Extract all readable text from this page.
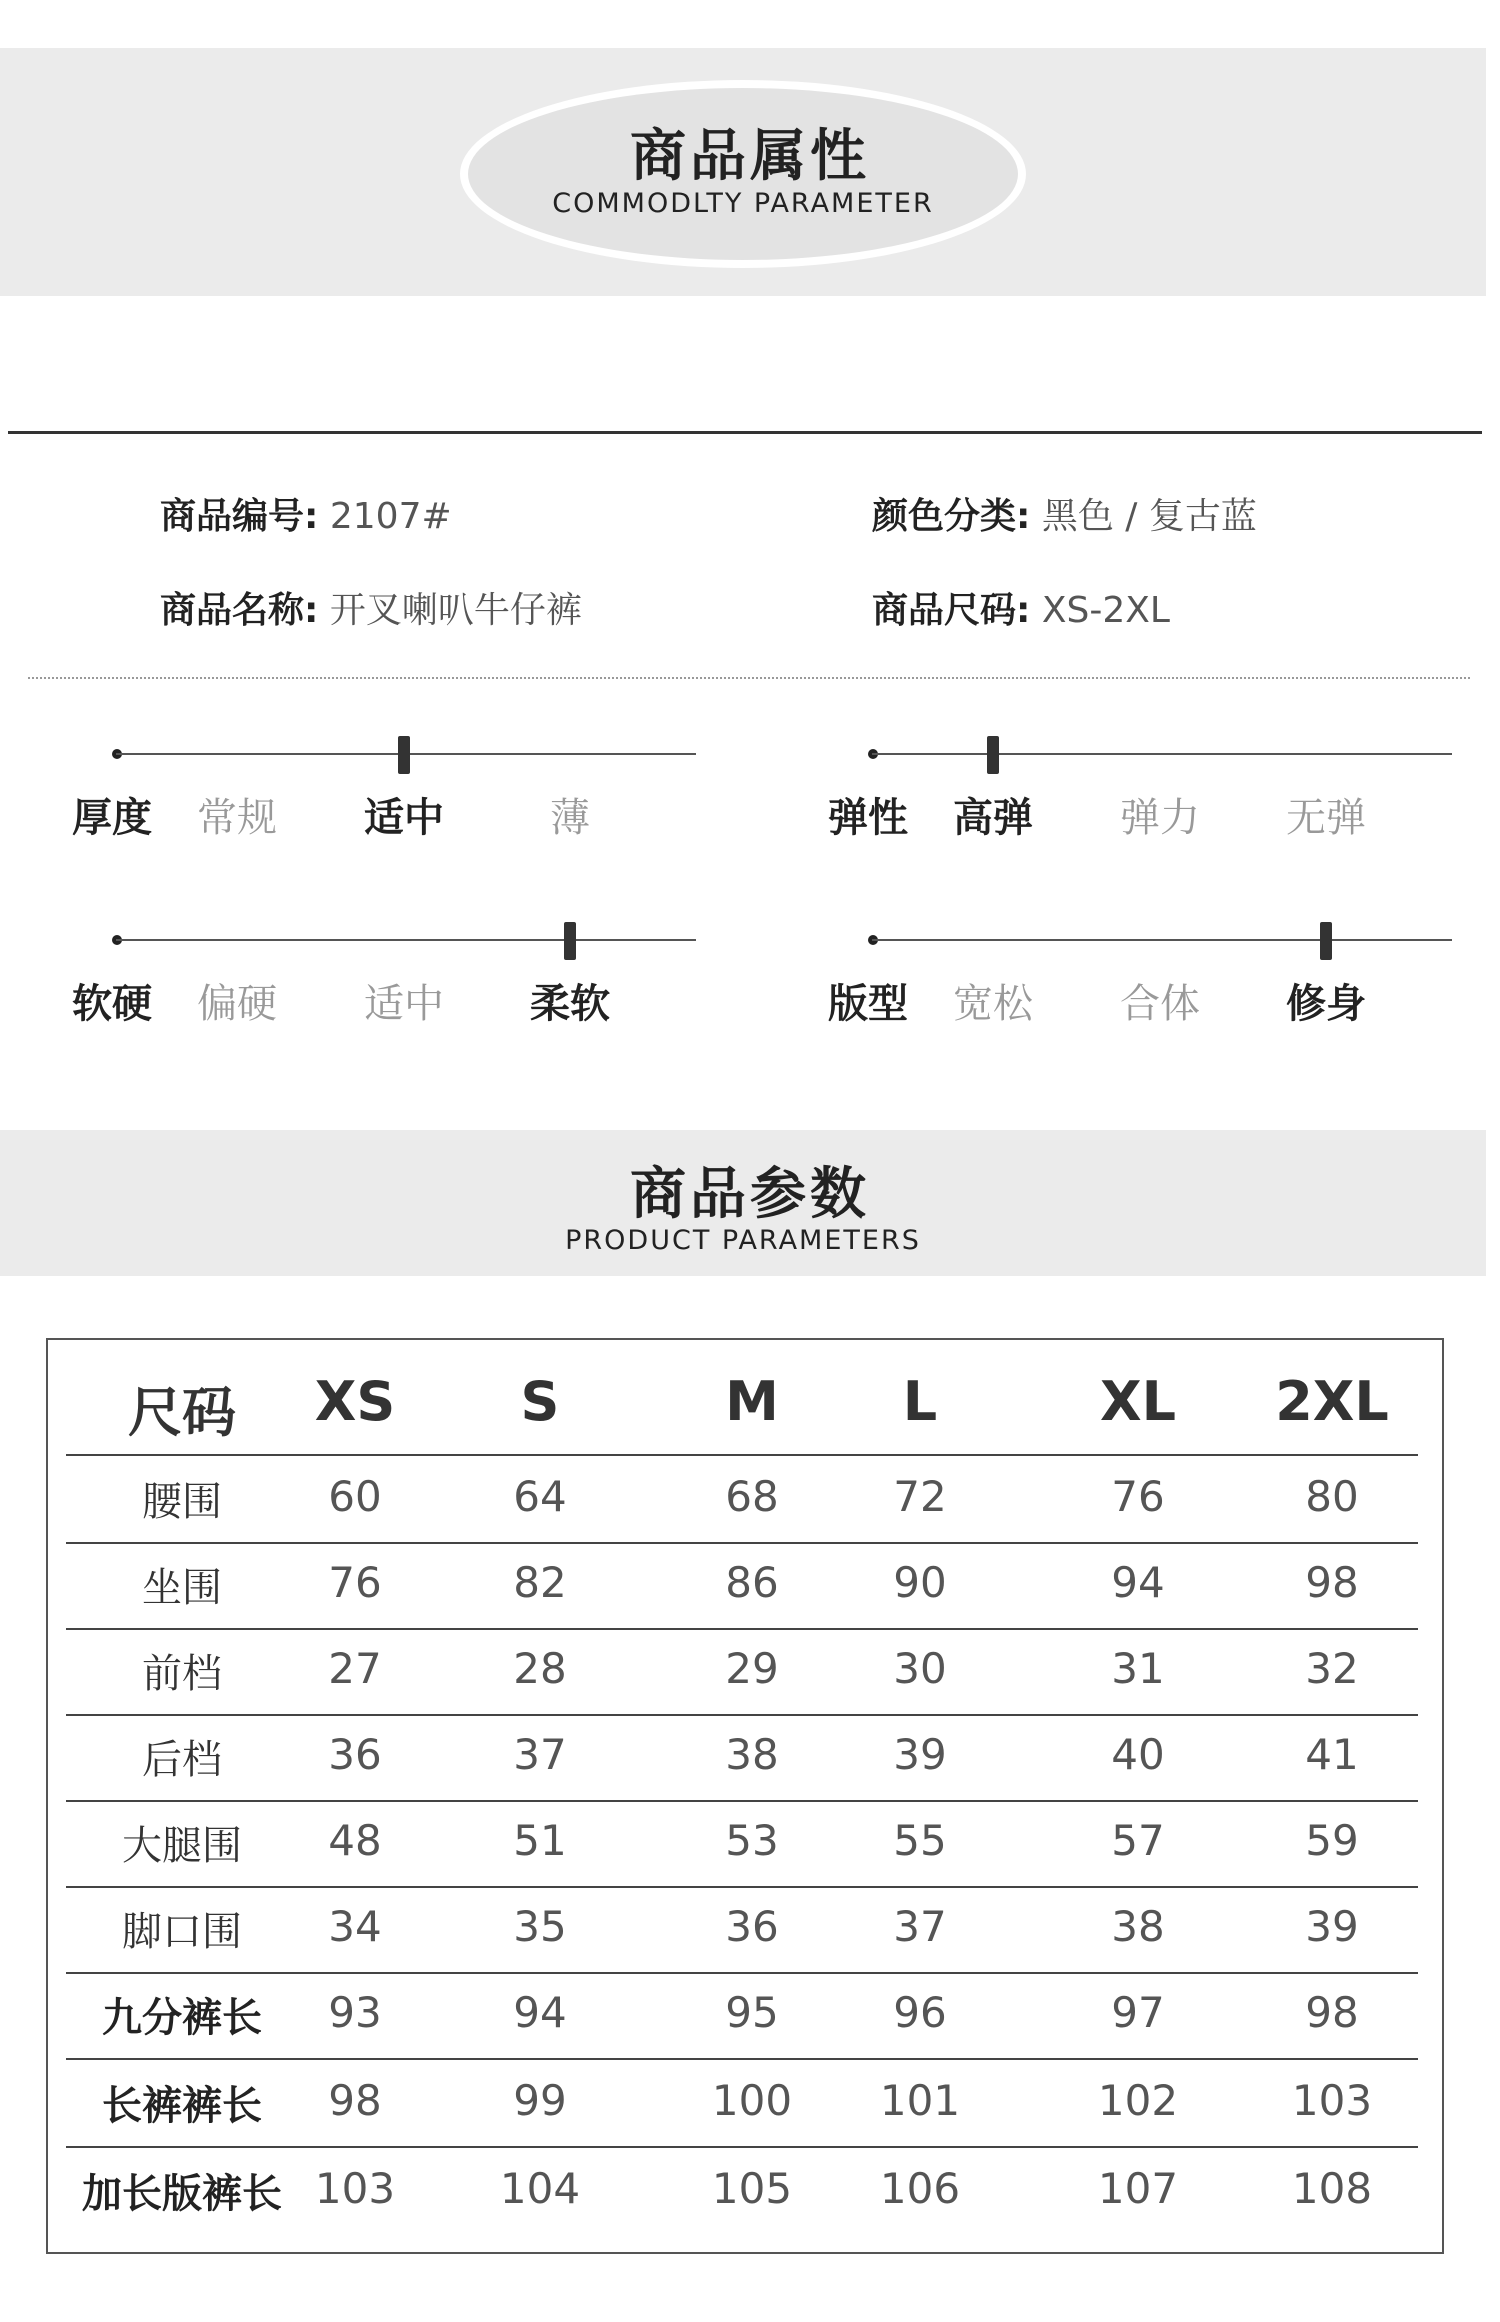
商品属性
COMMODLTY PARAMETER
商品编号: 2107#	颜色分类: 黑色 / 复古蓝
商品名称: 开叉喇叭牛仔裤	商品尺码: XS-2XL
厚度	常规	适中	薄	弹性	高弹	弹力	无弹
软硬	偏硬	适中	柔软	版型	宽松	合体	修身
商品参数
PRODUCT PARAMETERS
尺码	XS	S	M	L	XL	2XL
腰围	60	64	68	72	76	80
坐围	76	82	86	90	94	98
前档	27	28	29	30	31	32
后档	36	37	38	39	40	41
大腿围	48	51	53	55	57	59
脚口围	34	35	36	37	38	39
九分裤长	93	94	95	96	97	98
长裤裤长	98	99	100	101	102	103
加长版裤长 103	104	105	106	107	108
